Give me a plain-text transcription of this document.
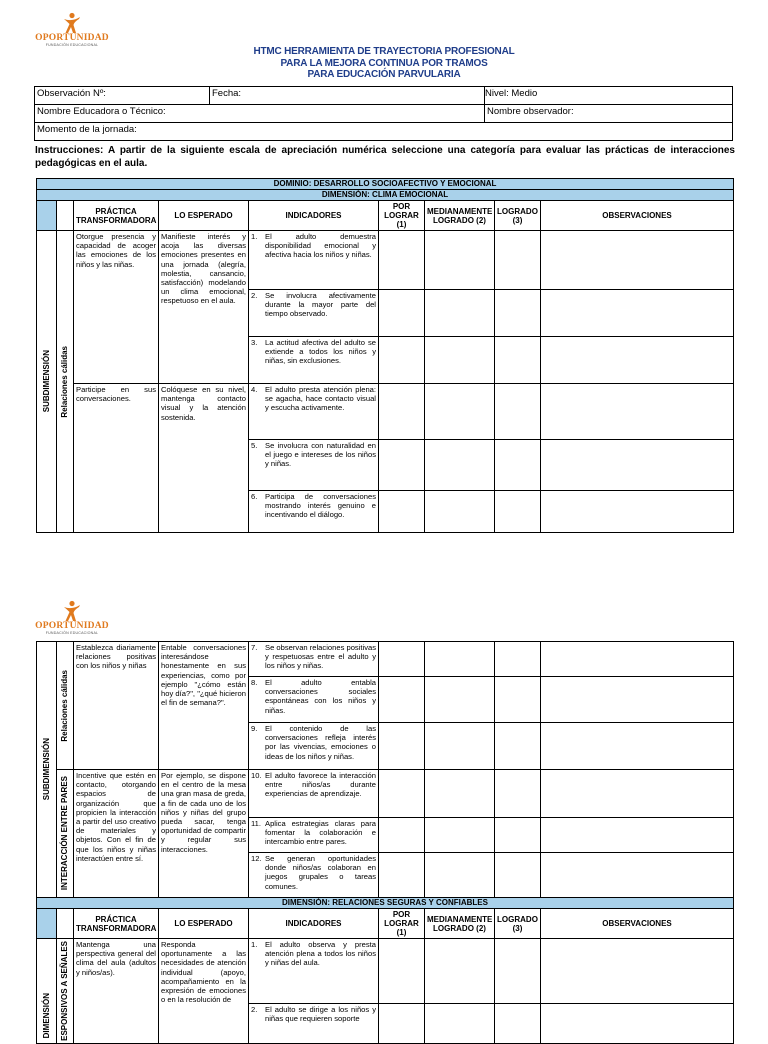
OPORTUNIDAD
FUNDACIÓN EDUCACIONAL
HTMC HERRAMIENTA DE TRAYECTORIA PROFESIONAL
PARA LA MEJORA CONTINUA POR TRAMOS
PARA EDUCACIÓN PARVULARIA
Observación Nº:	Fecha:	Nivel: Medio
Nombre Educadora o Técnico:		Nombre observador:
Momento de la jornada:		
Instrucciones: A partir de la siguiente escala de apreciación numérica seleccione una categoría para evaluar las prácticas de interacciones pedagógicas en el aula.
DOMINIO: DESARROLLO SOCIOAFECTIVO Y EMOCIONAL								
DIMENSIÓN: CLIMA EMOCIONAL								
		PRÁCTICA TRANSFORMADORA	LO ESPERADO	INDICADORES	POR LOGRAR (1)	MEDIANAMENTE LOGRADO (2)	LOGRADO (3)	OBSERVACIONES

SUBDIMENSIÓN	Relaciones cálidas	Otorgue presencia y capacidad de acoger las emociones de los niños y las niñas.	Manifieste interés y acoja las diversas emociones presentes en una jornada (alegría, molestia, cansancio, satisfacción) modelando un clima emocional, respetuoso en el aula.	1. El adulto demuestra disponibilidad emocional y afectiva hacia los niños y niñas.				

				2. Se involucra afectivamente durante la mayor parte del tiempo observado.				

				3. La actitud afectiva del adulto se extiende a todos los niños y niñas, sin exclusiones.				

		Participe en sus conversaciones.	Colóquese en su nivel, mantenga contacto visual y la atención sostenida.	4. El adulto presta atención plena: se agacha, hace contacto visual y escucha activamente.				

				5. Se involucra con naturalidad en el juego e intereses de los niños y niñas.				

				6. Participa de conversaciones mostrando interés genuino e incentivando el diálogo.				

OPORTUNIDAD
FUNDACIÓN EDUCACIONAL
SUBDIMENSIÓN	Relaciones cálidas	Establezca diariamente relaciones positivas con los niños y niñas	Entable conversaciones interesándose honestamente en sus experiencias, como por ejemplo "¿cómo están hoy día?", "¿qué hicieron el fin de semana?".	7. Se observan relaciones positivas y respetuosas entre el adulto y los niños y niñas.				

				8. El adulto entabla conversaciones sociales espontáneas con los niños y niñas.				

				9. El contenido de las conversaciones refleja interés por las vivencias, emociones o ideas de los niños y niñas.				

	INTERACCIÓN ENTRE PARES	Incentive que estén en contacto, otorgando espacios de organización que propicien la interacción a partir del uso creativo de materiales y objetos. Con el fin de que los niños y niñas interactúen entre sí.	Por ejemplo, se dispone en el centro de la mesa una gran masa de greda, a fin de cada uno de los niños y niñas del grupo pueda sacar, tenga oportunidad de compartir y regular sus interacciones.	10. El adulto favorece la interacción entre niños/as durante experiencias de aprendizaje.				

				11. Aplica estrategias claras para fomentar la colaboración e intercambio entre pares.				

				12. Se generan oportunidades donde niños/as colaboran en juegos grupales o tareas comunes.				

DIMENSIÓN: RELACIONES SEGURAS Y CONFIABLES								
		PRÁCTICA TRANSFORMADORA	LO ESPERADO	INDICADORES	POR LOGRAR (1)	MEDIANAMENTE LOGRADO (2)	LOGRADO (3)	OBSERVACIONES

DIMENSIÓN	ESPONSIVOS A SEÑALES	Mantenga una perspectiva general del clima del aula (adultos y niños/as).	Responda oportunamente a las necesidades de atención individual (apoyo, acompañamiento en la expresión de emociones o en la resolución de	1. El adulto observa y presta atención plena a todos los niños y niñas del aula.				

				2. El adulto se dirige a los niños y niñas que requieren soporte				
